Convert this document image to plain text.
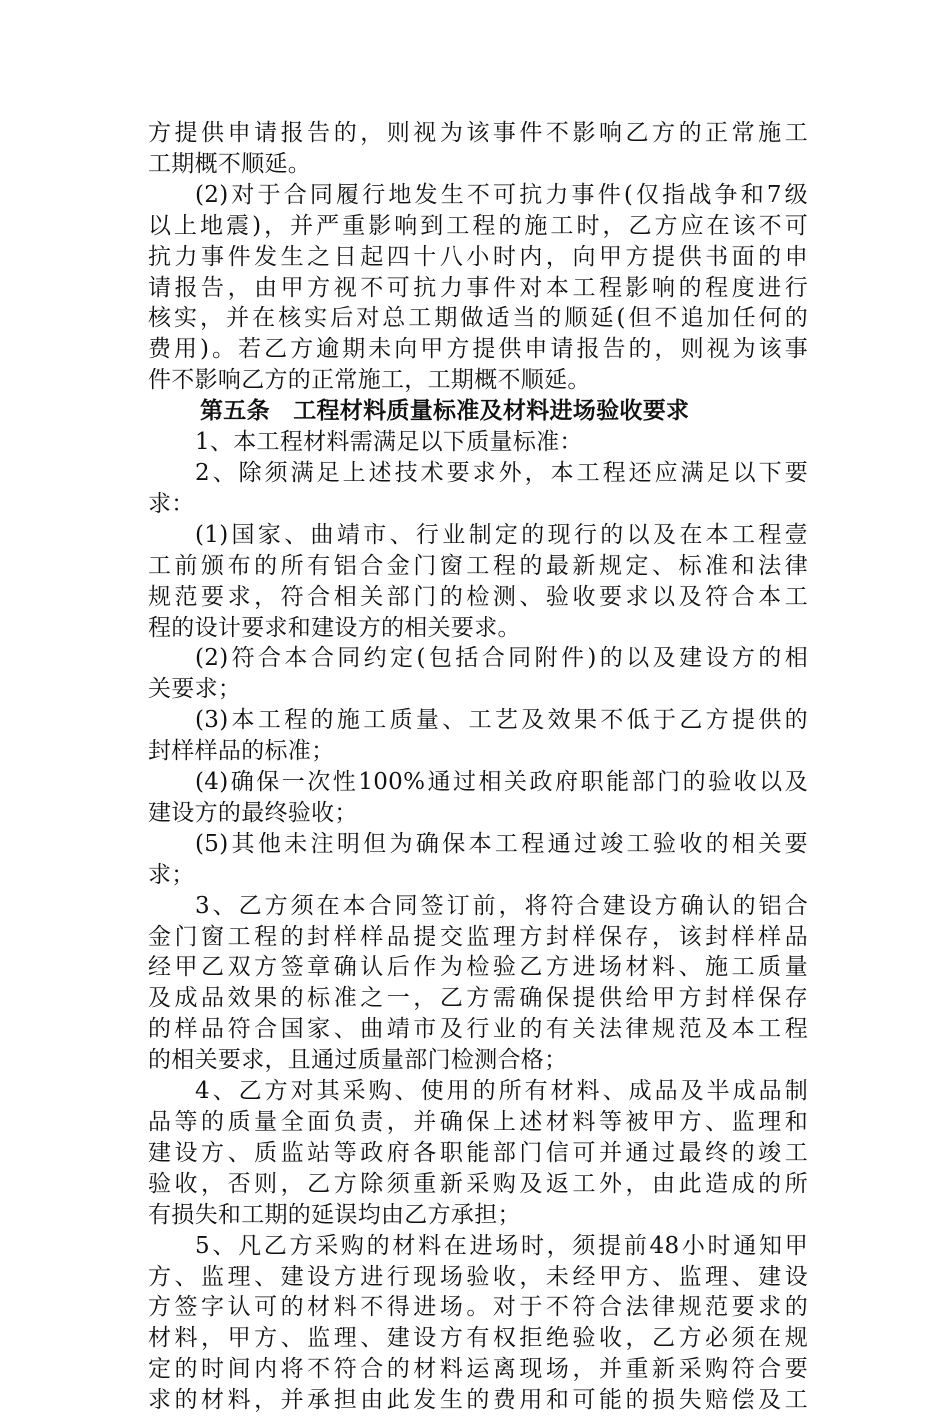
方提供申请报告的，则视为该事件不影响乙方的正常施工
工期概不顺延。
(2)对于合同履行地发生不可抗力事件(仅指战争和7级
以上地震)，并严重影响到工程的施工时，乙方应在该不可
抗力事件发生之日起四十八小时内，向甲方提供书面的申
请报告，由甲方视不可抗力事件对本工程影响的程度进行
核实，并在核实后对总工期做适当的顺延(但不追加任何的
费用)。若乙方逾期未向甲方提供申请报告的，则视为该事
件不影响乙方的正常施工，工期概不顺延。
第五条　工程材料质量标准及材料进场验收要求
1、本工程材料需满足以下质量标准：
2、除须满足上述技术要求外，本工程还应满足以下要
求：
(1)国家、曲靖市、行业制定的现行的以及在本工程壹
工前颁布的所有铝合金门窗工程的最新规定、标准和法律
规范要求，符合相关部门的检测、验收要求以及符合本工
程的设计要求和建设方的相关要求。
(2)符合本合同约定(包括合同附件)的以及建设方的相
关要求；
(3)本工程的施工质量、工艺及效果不低于乙方提供的
封样样品的标准；
(4)确保一次性100%通过相关政府职能部门的验收以及
建设方的最终验收；
(5)其他未注明但为确保本工程通过竣工验收的相关要
求；
3、乙方须在本合同签订前，将符合建设方确认的铝合
金门窗工程的封样样品提交监理方封样保存，该封样样品
经甲乙双方签章确认后作为检验乙方进场材料、施工质量
及成品效果的标准之一，乙方需确保提供给甲方封样保存
的样品符合国家、曲靖市及行业的有关法律规范及本工程
的相关要求，且通过质量部门检测合格；
4、乙方对其采购、使用的所有材料、成品及半成品制
品等的质量全面负责，并确保上述材料等被甲方、监理和
建设方、质监站等政府各职能部门信可并通过最终的竣工
验收，否则，乙方除须重新采购及返工外，由此造成的所
有损失和工期的延误均由乙方承担；
5、凡乙方采购的材料在进场时，须提前48小时通知甲
方、监理、建设方进行现场验收，未经甲方、监理、建设
方签字认可的材料不得进场。对于不符合法律规范要求的
材料，甲方、监理、建设方有权拒绝验收，乙方必须在规
定的时间内将不符合的材料运离现场，并重新采购符合要
求的材料，并承担由此发生的费用和可能的损失赔偿及工
